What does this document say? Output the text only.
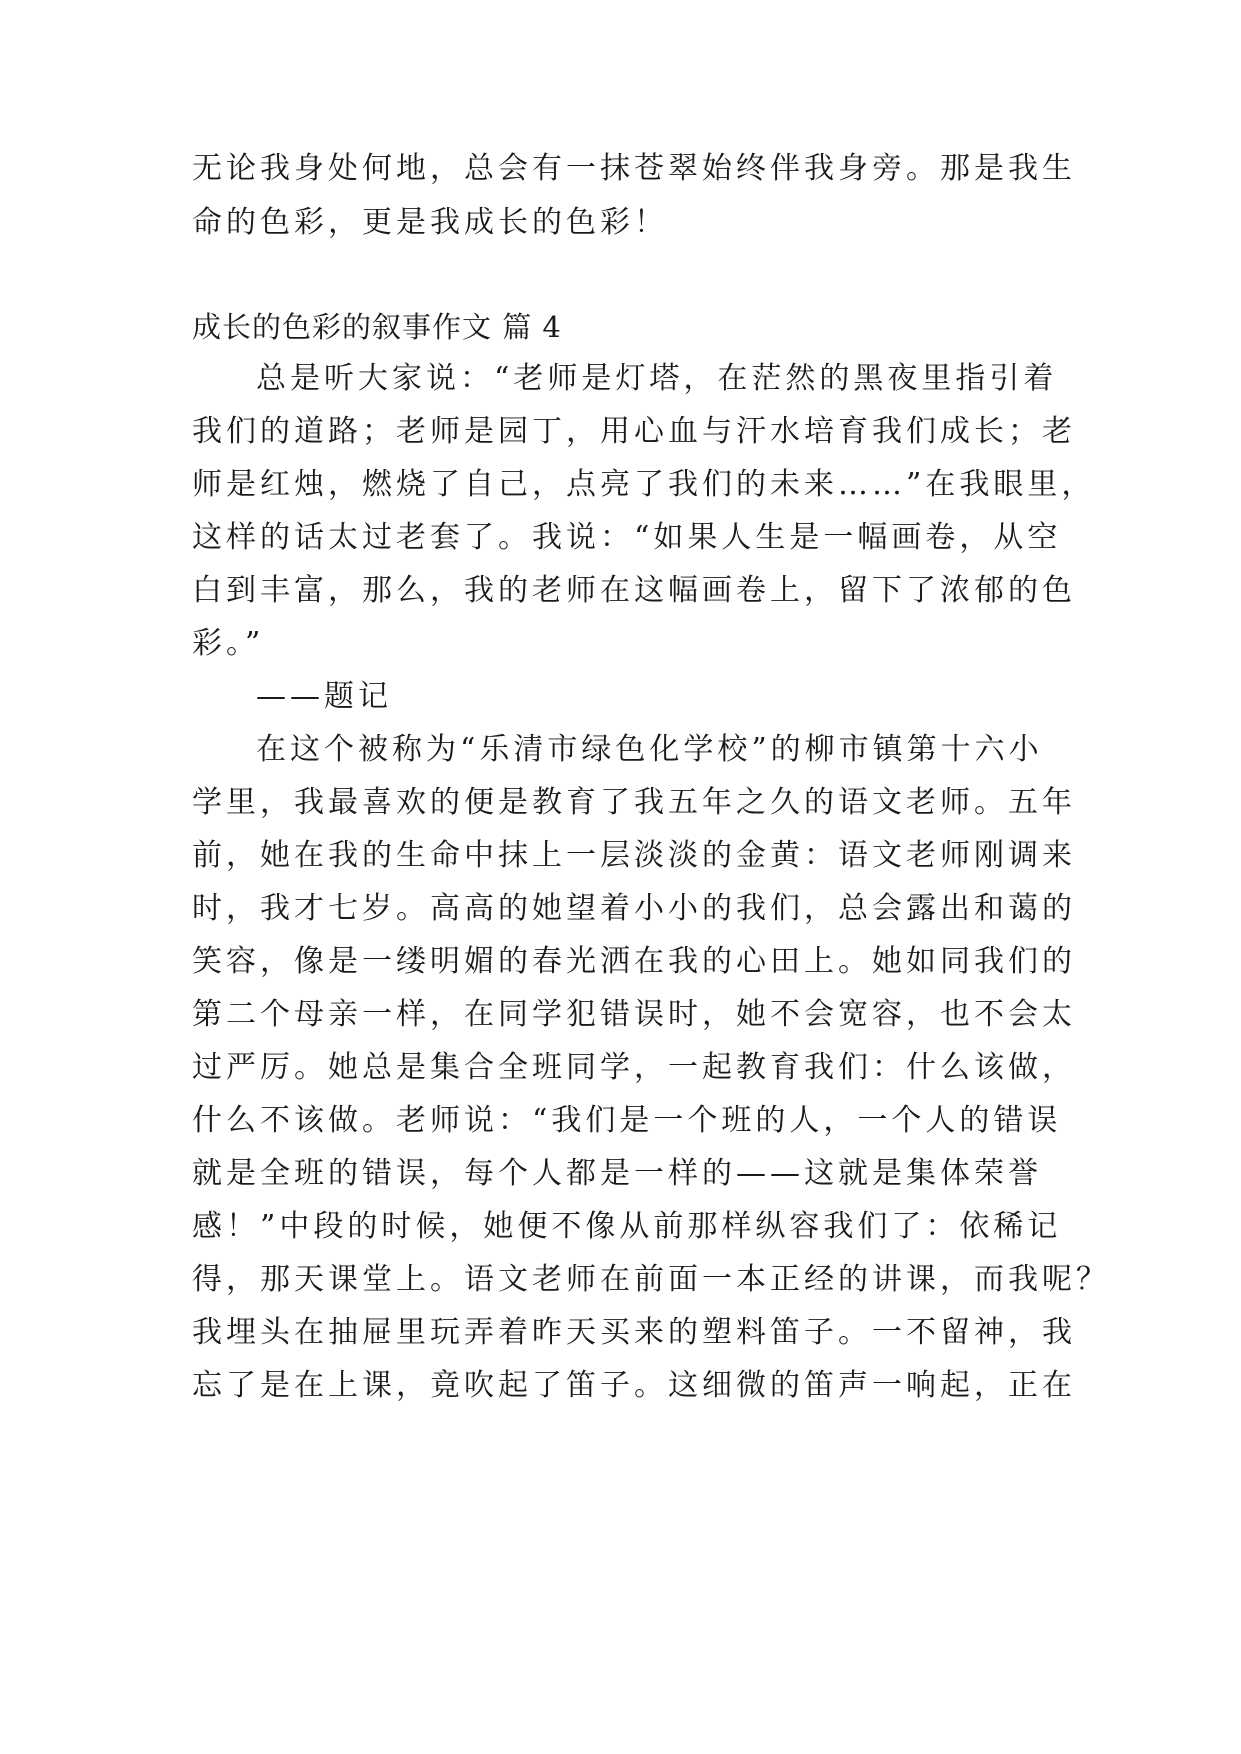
无论我身处何地，总会有一抹苍翠始终伴我身旁。那是我生
命的色彩，更是我成长的色彩！
成长的色彩的叙事作文 篇 4
总是听大家说：“老师是灯塔，在茫然的黑夜里指引着
我们的道路；老师是园丁，用心血与汗水培育我们成长；老
师是红烛，燃烧了自己，点亮了我们的未来……”在我眼里，
这样的话太过老套了。我说：“如果人生是一幅画卷，从空
白到丰富，那么，我的老师在这幅画卷上，留下了浓郁的色
彩。”
——题记
在这个被称为“乐清市绿色化学校”的柳市镇第十六小
学里，我最喜欢的便是教育了我五年之久的语文老师。五年
前，她在我的生命中抹上一层淡淡的金黄：语文老师刚调来
时，我才七岁。高高的她望着小小的我们，总会露出和蔼的
笑容，像是一缕明媚的春光洒在我的心田上。她如同我们的
第二个母亲一样，在同学犯错误时，她不会宽容，也不会太
过严厉。她总是集合全班同学，一起教育我们：什么该做，
什么不该做。老师说：“我们是一个班的人，一个人的错误
就是全班的错误，每个人都是一样的——这就是集体荣誉
感！”中段的时候，她便不像从前那样纵容我们了：依稀记
得，那天课堂上。语文老师在前面一本正经的讲课，而我呢？
我埋头在抽屉里玩弄着昨天买来的塑料笛子。一不留神，我
忘了是在上课，竟吹起了笛子。这细微的笛声一响起，正在
